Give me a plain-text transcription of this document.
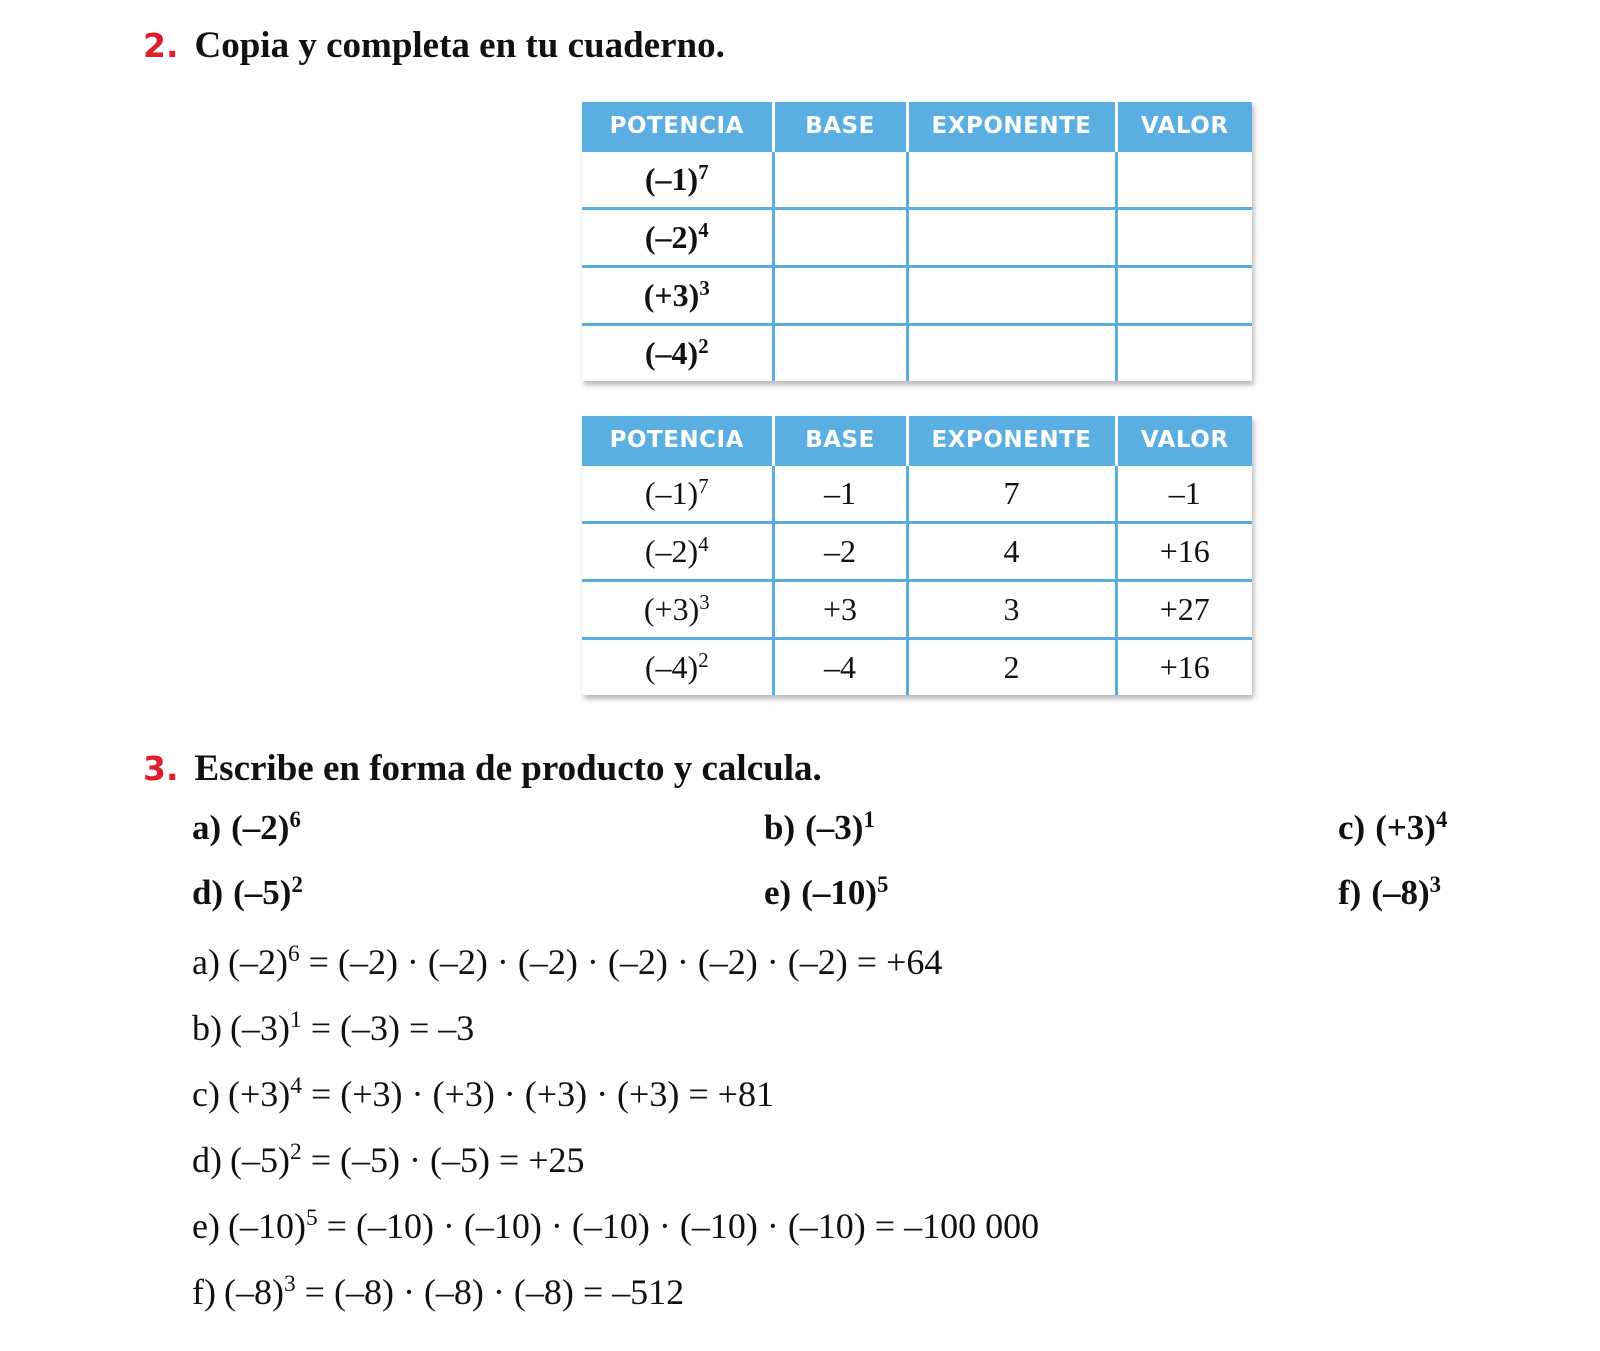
2. Copia y completa en tu cuaderno.
POTENCIA	BASE	EXPONENTE	VALOR
$(-1)^7$			
$(-2)^4$			
$(+3)^3$			
$(-4)^2$			
POTENCIA	BASE	EXPONENTE	VALOR
$(-1)^7$	–1	7	–1
$(-2)^4$	–2	4	+16
$(+3)^3$	+3	3	+27
$(-4)^2$	–4	2	+16
3. Escribe en forma de producto y calcula.
a) $(-2)^6$	b) $(-3)^1$	c) $(+3)^4$
d) $(-5)^2$	e) $(-10)^5$	f) $(-8)^3$
a) $(-2)^6 = (-2) \cdot (-2) \cdot (-2) \cdot (-2) \cdot (-2) \cdot (-2) = +64$
b) $(-3)^1 = (-3) = -3$
c) $(+3)^4 = (+3) \cdot (+3) \cdot (+3) \cdot (+3) = +81$
d) $(-5)^2 = (-5) \cdot (-5) = +25$
e) $(-10)^5 = (-10) \cdot (-10) \cdot (-10) \cdot (-10) \cdot (-10) = -100$ 000
f) $(-8)^3 = (-8) \cdot (-8) \cdot (-8) = -512$
